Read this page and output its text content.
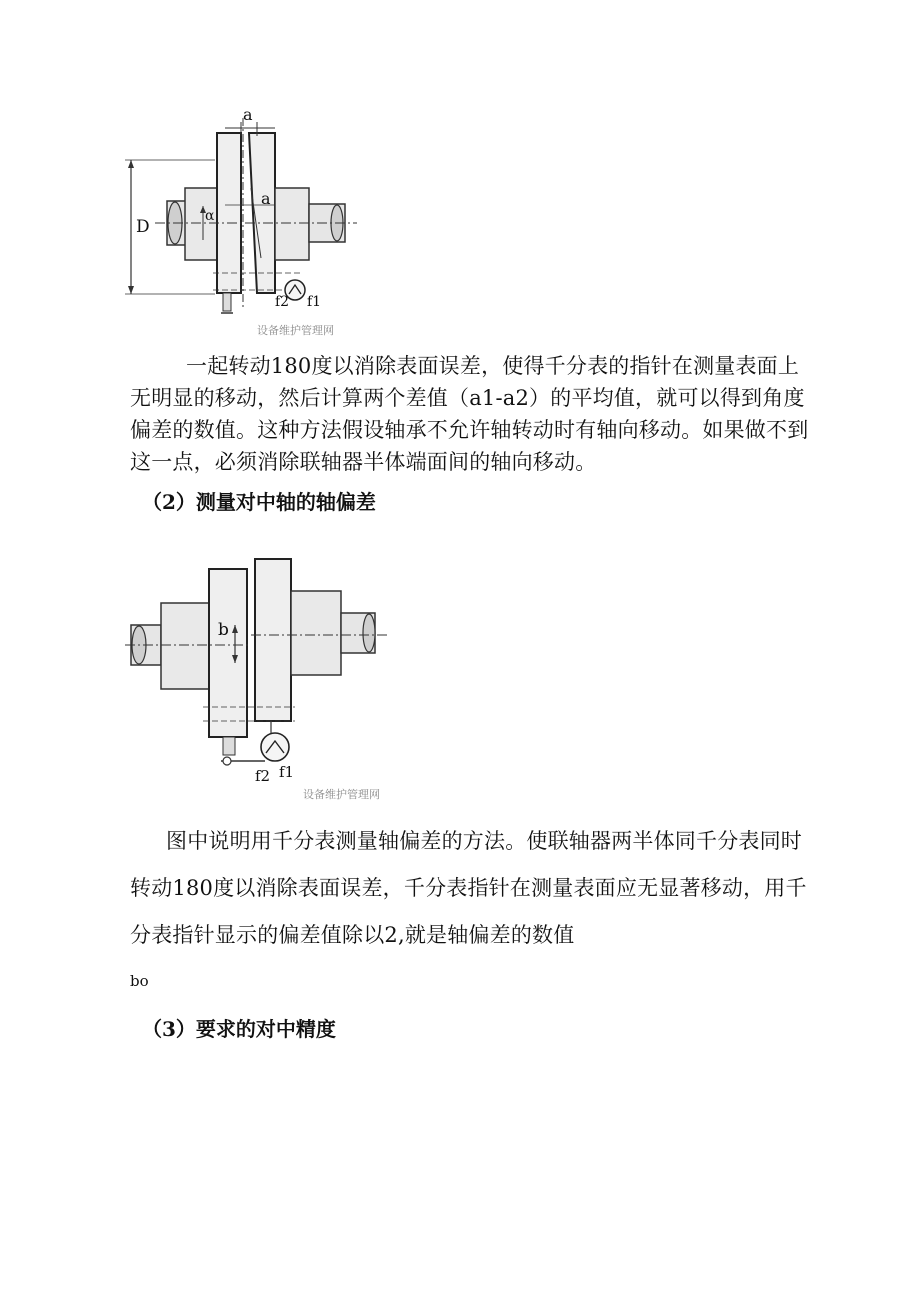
a
a
D
α
f2 f1
设备维护管理网

一起转动180度以消除表面误差，使得千分表的指针在测量表面上无明显的移动，然后计算两个差值（a1-a2）的平均值，就可以得到角度偏差的数值。这种方法假设轴承不允许轴转动时有轴向移动。如果做不到这一点，必须消除联轴器半体端面间的轴向移动。

（2）测量对中轴的轴偏差

b
f2 f1
设备维护管理网

图中说明用千分表测量轴偏差的方法。使联轴器两半体同千分表同时转动180度以消除表面误差，千分表指针在测量表面应无显著移动，用千分表指针显示的偏差值除以2,就是轴偏差的数值

bo

（3）要求的对中精度
